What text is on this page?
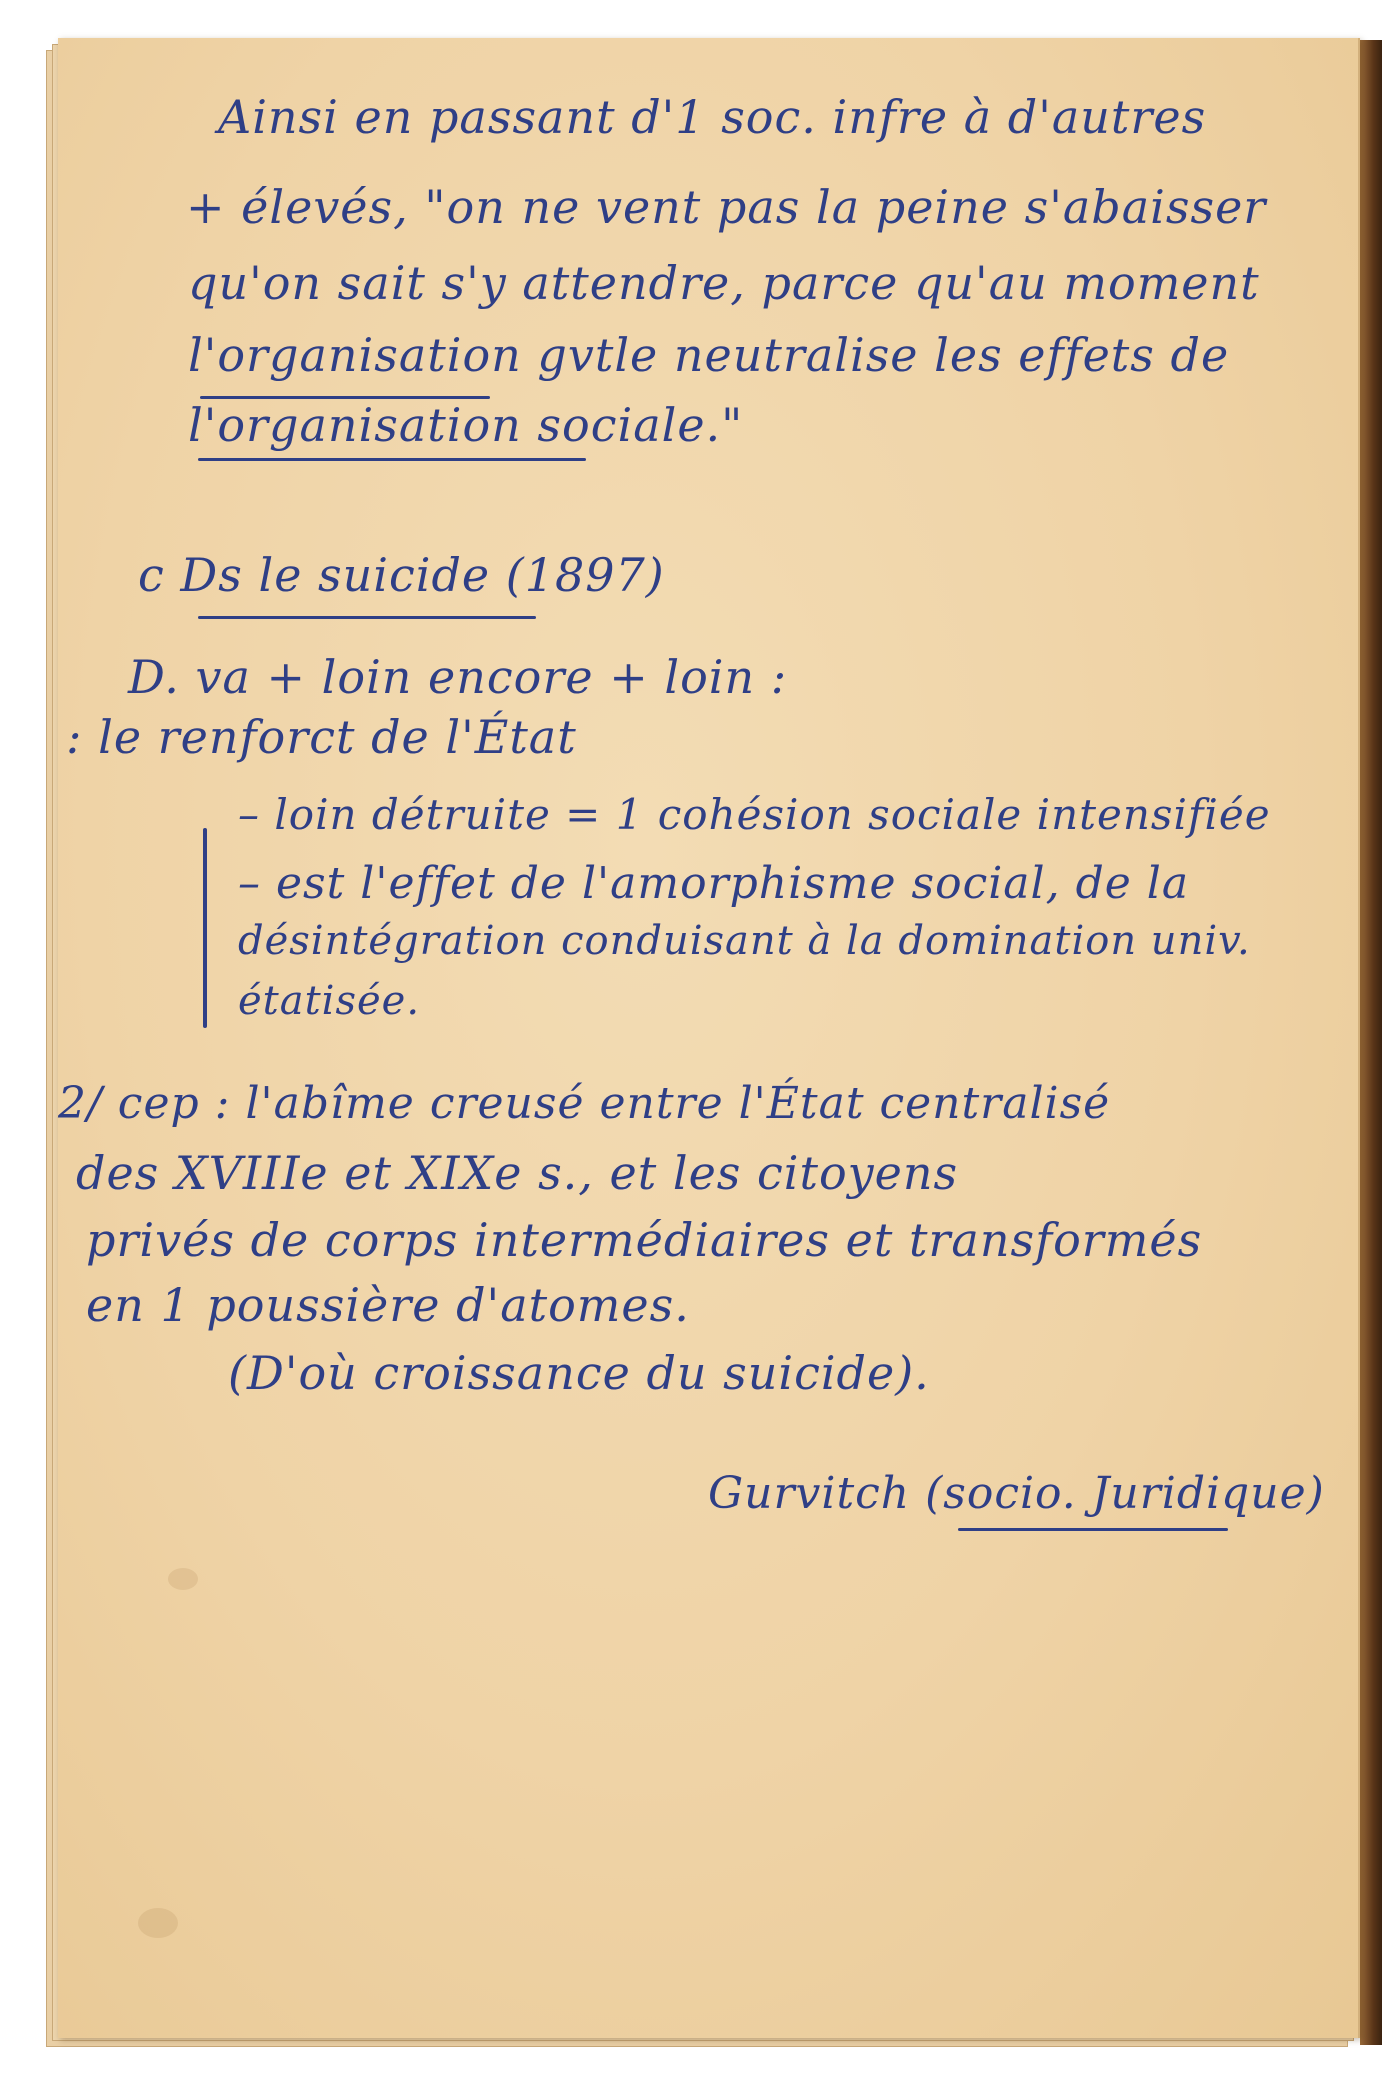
Ainsi en passant d'1 soc. infre à d'autres
+ élevés, "on ne vent pas la peine s'abaisser
qu'on sait s'y attendre, parce qu'au moment
l'organisation gvtle neutralise les effets de
l'organisation sociale."
c Ds le suicide (1897)
D. va + loin encore + loin :
: le renforct de l'État
– loin détruite = 1 cohésion sociale intensifiée
– est l'effet de l'amorphisme social, de la
désintégration conduisant à la domination univ.
étatisée.
2/ cep : l'abîme creusé entre l'État centralisé
des XVIIIe et XIXe s., et les citoyens
privés de corps intermédiaires et transformés
en 1 poussière d'atomes.
(D'où croissance du suicide).
Gurvitch (socio. Juridique)
